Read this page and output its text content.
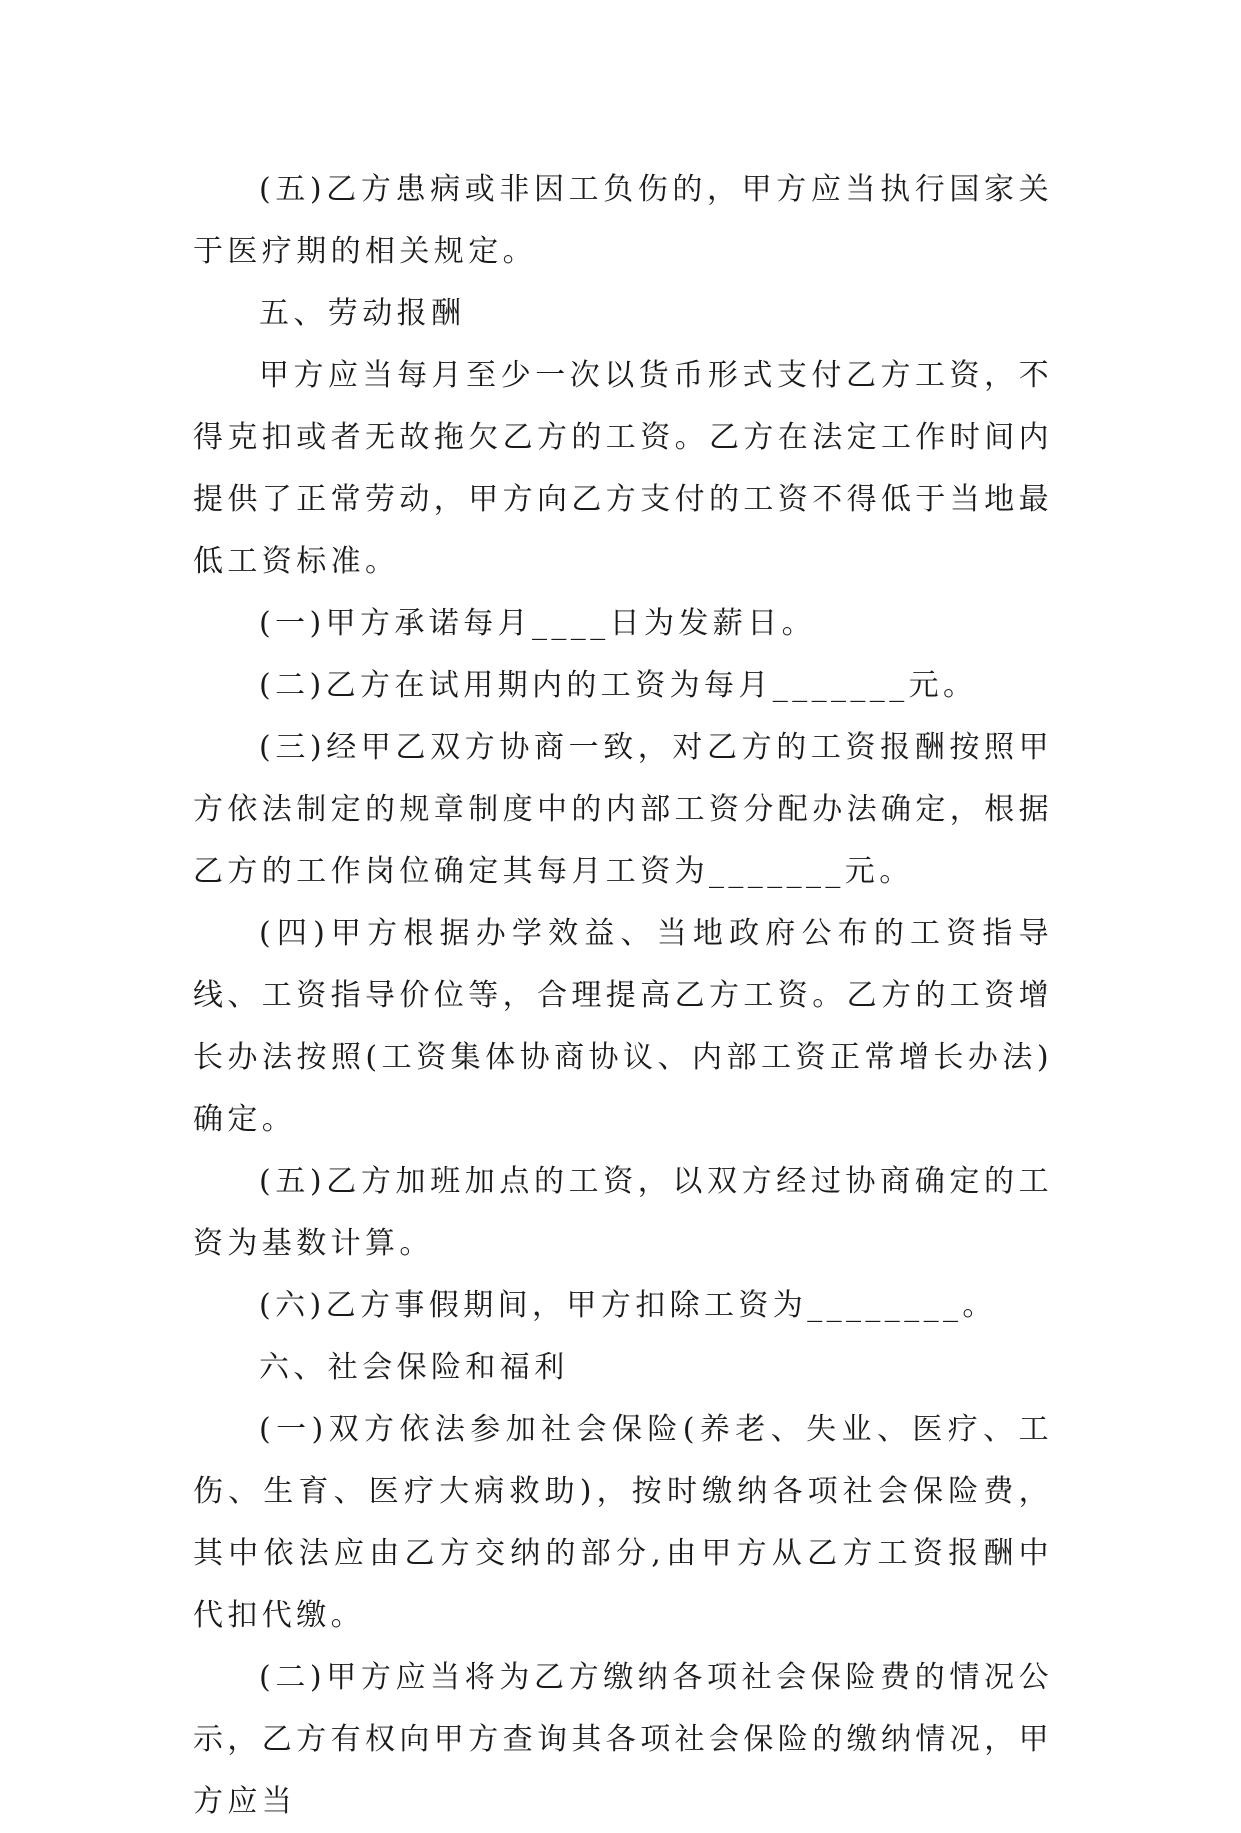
(五)乙方患病或非因工负伤的，甲方应当执行国家关于医疗期的相关规定。

五、劳动报酬

甲方应当每月至少一次以货币形式支付乙方工资，不得克扣或者无故拖欠乙方的工资。乙方在法定工作时间内提供了正常劳动，甲方向乙方支付的工资不得低于当地最低工资标准。

(一)甲方承诺每月____日为发薪日。

(二)乙方在试用期内的工资为每月_______元。

(三)经甲乙双方协商一致，对乙方的工资报酬按照甲方依法制定的规章制度中的内部工资分配办法确定，根据乙方的工作岗位确定其每月工资为_______元。

(四)甲方根据办学效益、当地政府公布的工资指导线、工资指导价位等，合理提高乙方工资。乙方的工资增长办法按照(工资集体协商协议、内部工资正常增长办法)确定。

(五)乙方加班加点的工资，以双方经过协商确定的工资为基数计算。

(六)乙方事假期间，甲方扣除工资为________。

六、社会保险和福利

(一)双方依法参加社会保险(养老、失业、医疗、工伤、生育、医疗大病救助)，按时缴纳各项社会保险费，其中依法应由乙方交纳的部分,由甲方从乙方工资报酬中代扣代缴。

(二)甲方应当将为乙方缴纳各项社会保险费的情况公示，乙方有权向甲方查询其各项社会保险的缴纳情况，甲方应当
